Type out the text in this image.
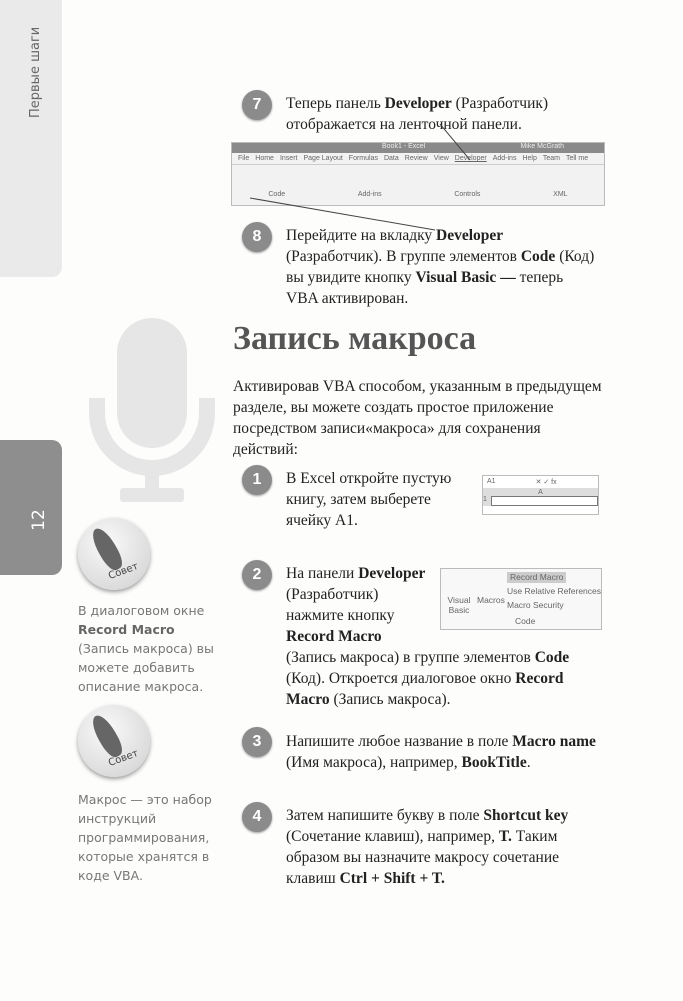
Первые шаги
12
7	Теперь панель Developer (Разработчик) отображается на ленточной панели.
Book1 - Excel	Mike McGrath
File Home Insert Page Layout Formulas Data Review View Developer Add-ins Help Team Tell me
Code	Add-ins	Controls	XML
8	Перейдите на вкладку Developer (Разработчик). В группе элементов Code (Код) вы увидите кнопку Visual Basic — теперь VBA активирован.
Запись макроса
Активировав VBA способом, указанным в предыдущем разделе, вы можете создать простое приложение посредством записи«макроса» для сохранения действий:
1	В Excel откройте пустую книгу, затем выберете ячейку A1.
A1	✕ ✓ fx
A
1
2	На панели Developer (Разработчик) нажмите кнопку Record Macro (Запись макроса) в группе элементов Code (Код). Откроется диалоговое окно Record Macro (Запись макроса).
Visual Basic
Macros
Record Macro
Use Relative References
Macro Security
Code
Совет
В диалоговом окне Record Macro (Запись макроса) вы можете добавить описание макроса.
Совет
Макрос — это набор инструкций программирования, которые хранятся в коде VBA.
3	Напишите любое название в поле Macro name (Имя макроса), например, BookTitle.
4	Затем напишите букву в поле Shortcut key (Сочетание клавиш), например, T. Таким образом вы назначите макросу сочетание клавиш Ctrl + Shift + T.
